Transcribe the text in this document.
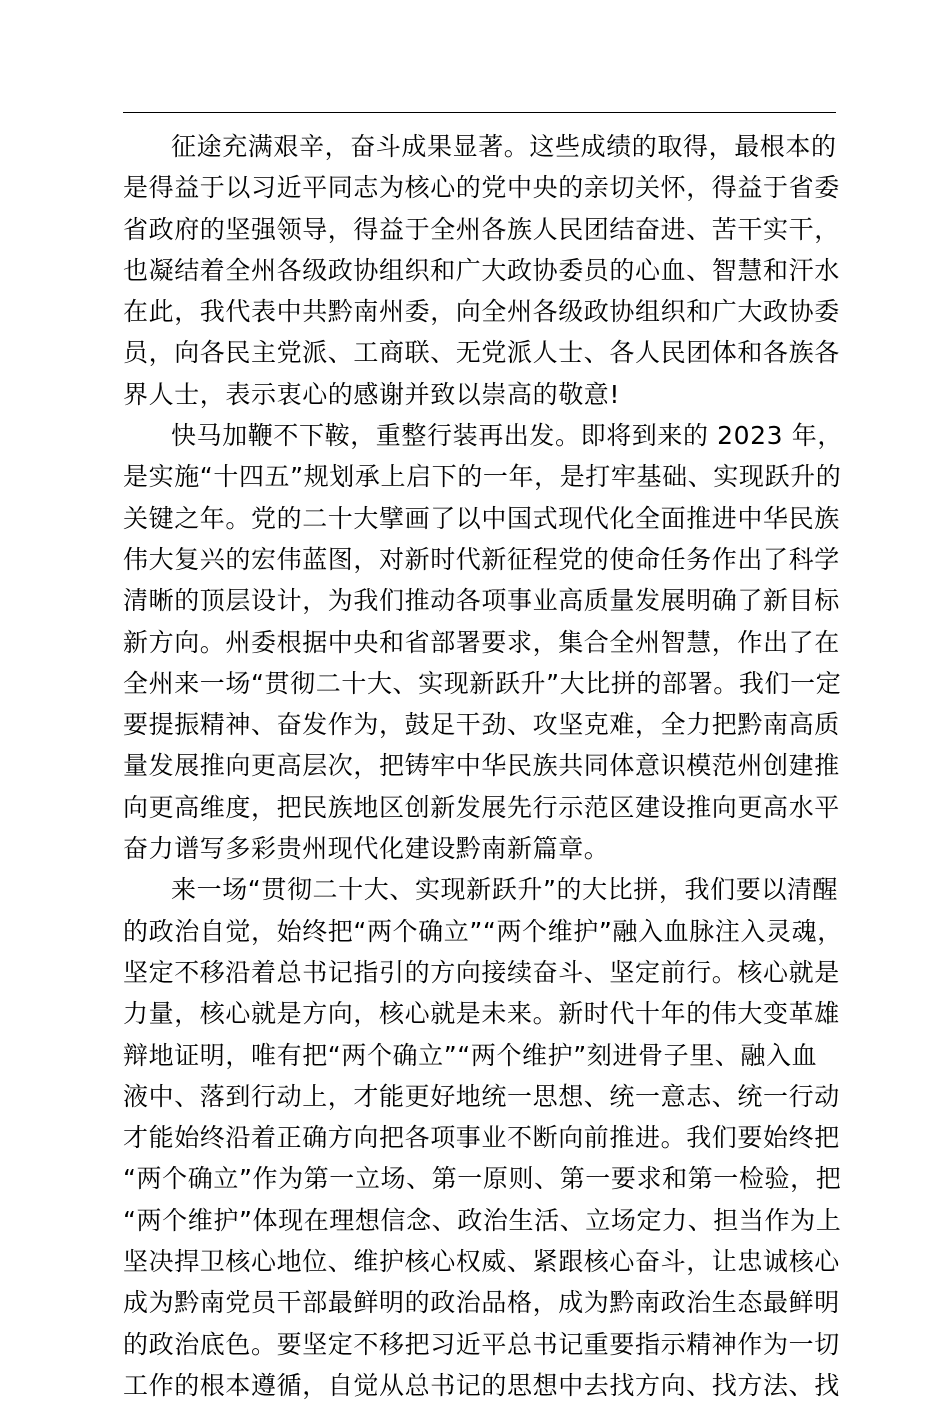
征途充满艰辛，奋斗成果显著。这些成绩的取得，最根本的
是得益于以习近平同志为核心的党中央的亲切关怀，得益于省委
省政府的坚强领导，得益于全州各族人民团结奋进、苦干实干，
也凝结着全州各级政协组织和广大政协委员的心血、智慧和汗水
在此，我代表中共黔南州委，向全州各级政协组织和广大政协委
员，向各民主党派、工商联、无党派人士、各人民团体和各族各
界人士，表示衷心的感谢并致以崇高的敬意!
快马加鞭不下鞍，重整行装再出发。即将到来的 2023 年，
是实施“十四五”规划承上启下的一年，是打牢基础、实现跃升的
关键之年。党的二十大擘画了以中国式现代化全面推进中华民族
伟大复兴的宏伟蓝图，对新时代新征程党的使命任务作出了科学
清晰的顶层设计，为我们推动各项事业高质量发展明确了新目标
新方向。州委根据中央和省部署要求，集合全州智慧，作出了在
全州来一场“贯彻二十大、实现新跃升”大比拼的部署。我们一定
要提振精神、奋发作为，鼓足干劲、攻坚克难，全力把黔南高质
量发展推向更高层次，把铸牢中华民族共同体意识模范州创建推
向更高维度，把民族地区创新发展先行示范区建设推向更高水平
奋力谱写多彩贵州现代化建设黔南新篇章。
来一场“贯彻二十大、实现新跃升”的大比拼，我们要以清醒
的政治自觉，始终把“两个确立”“两个维护”融入血脉注入灵魂，
坚定不移沿着总书记指引的方向接续奋斗、坚定前行。核心就是
力量，核心就是方向，核心就是未来。新时代十年的伟大变革雄
辩地证明，唯有把“两个确立”“两个维护”刻进骨子里、融入血
液中、落到行动上，才能更好地统一思想、统一意志、统一行动
才能始终沿着正确方向把各项事业不断向前推进。我们要始终把
“两个确立”作为第一立场、第一原则、第一要求和第一检验，把
“两个维护”体现在理想信念、政治生活、立场定力、担当作为上
坚决捍卫核心地位、维护核心权威、紧跟核心奋斗，让忠诚核心
成为黔南党员干部最鲜明的政治品格，成为黔南政治生态最鲜明
的政治底色。要坚定不移把习近平总书记重要指示精神作为一切
工作的根本遵循，自觉从总书记的思想中去找方向、找方法、找
